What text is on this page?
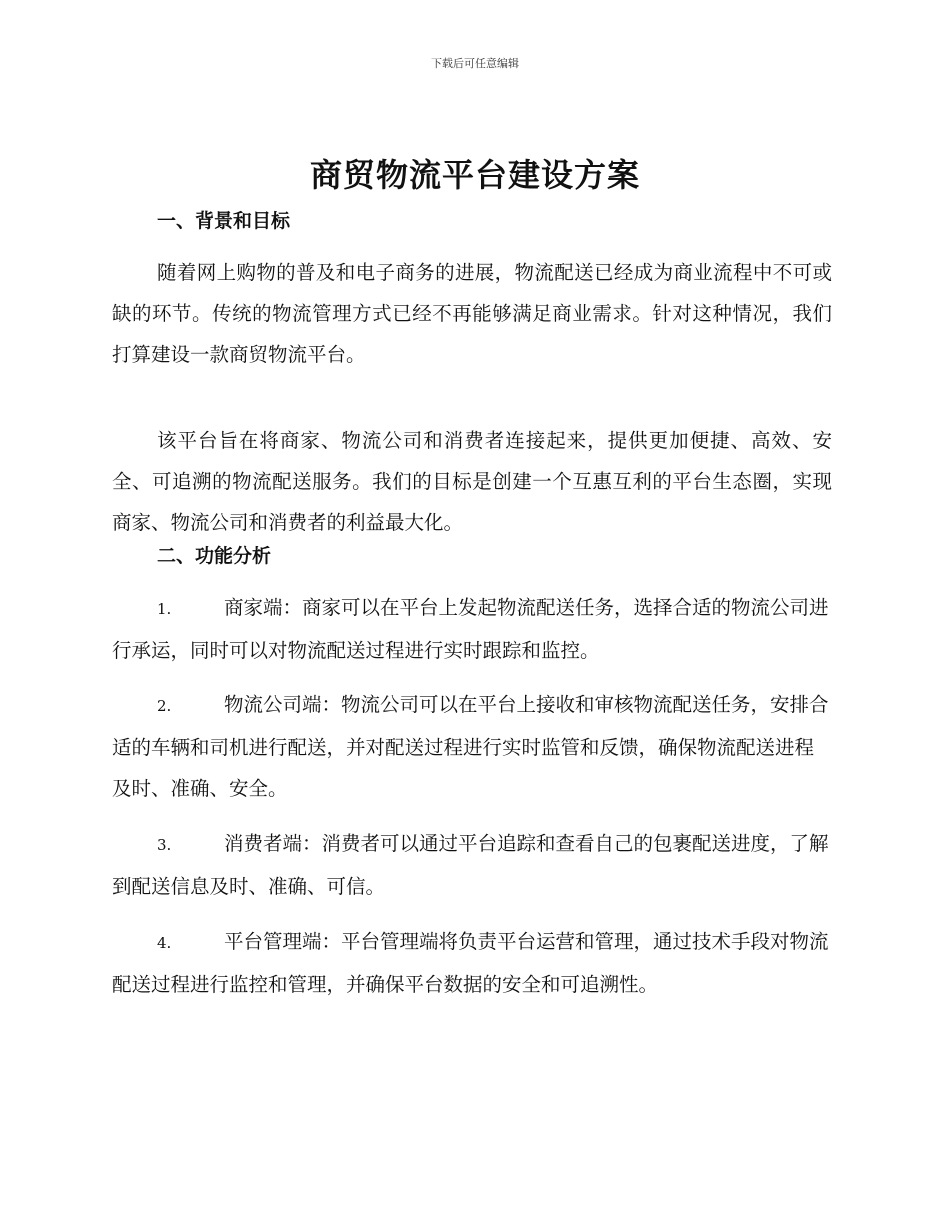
下载后可任意编辑
商贸物流平台建设方案
一、背景和目标
随着网上购物的普及和电子商务的进展，物流配送已经成为商业流程中不可或缺的环节。传统的物流管理方式已经不再能够满足商业需求。针对这种情况，我们打算建设一款商贸物流平台。
该平台旨在将商家、物流公司和消费者连接起来，提供更加便捷、高效、安全、可追溯的物流配送服务。我们的目标是创建一个互惠互利的平台生态圈，实现商家、物流公司和消费者的利益最大化。
二、功能分析
1.	商家端：商家可以在平台上发起物流配送任务，选择合适的物流公司进行承运，同时可以对物流配送过程进行实时跟踪和监控。
2.	物流公司端：物流公司可以在平台上接收和审核物流配送任务，安排合适的车辆和司机进行配送，并对配送过程进行实时监管和反馈，确保物流配送进程及时、准确、安全。
3.	消费者端：消费者可以通过平台追踪和查看自己的包裹配送进度，了解到配送信息及时、准确、可信。
4.	平台管理端：平台管理端将负责平台运营和管理，通过技术手段对物流配送过程进行监控和管理，并确保平台数据的安全和可追溯性。
